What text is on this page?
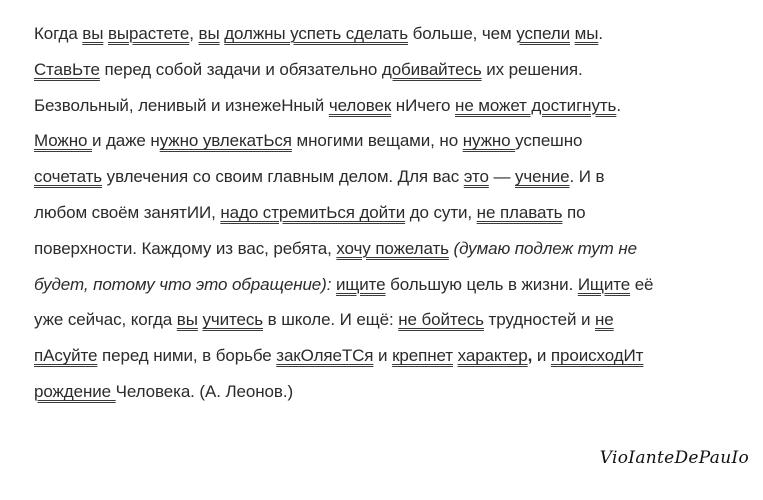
Когда вы вырастете, вы должны успеть сделать больше, чем успели мы.
СтавЬте перед собой задачи и обязательно добивайтесь их решения.
Безвольный, ленивый и изнежеНный человек нИчего не может достигнуть.
Можно и даже нужно увлекатЬся многими вещами, но нужно успешно
сочетать увлечения со своим главным делом. Для вас это — учение. И в
любом своём занятИИ, надо стремитЬся дойти до сути, не плавать по
поверхности. Каждому из вас, ребята, хочу пожелать (думаю подлеж тут не
будет, потому что это обращение): ищите большую цель в жизни. Ищите её
уже сейчас, когда вы учитесь в школе. И ещё: не бойтесь трудностей и не
пАсуйте перед ними, в борьбе закОляеТСя и крепнет характер, и происходИт
рождение Человека. (А. Леонов.)
VioIanteDePauIo
